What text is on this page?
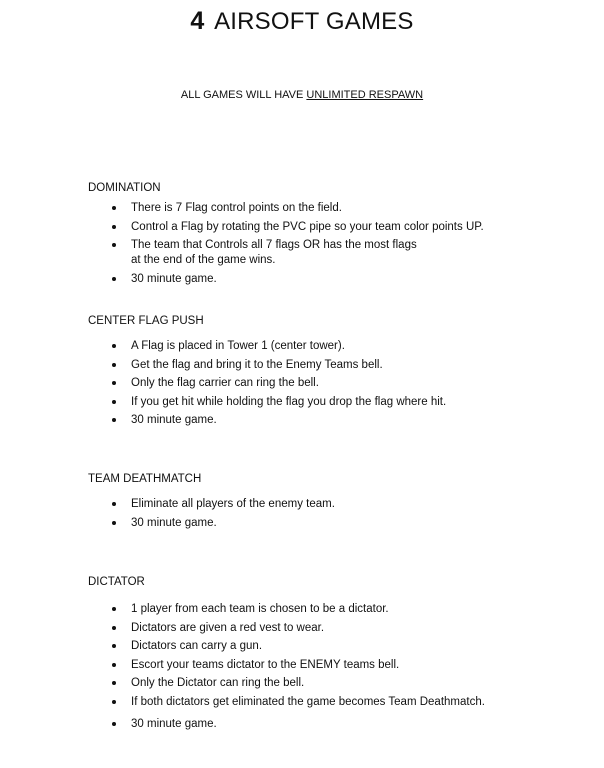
4 AIRSOFT GAMES
ALL GAMES WILL HAVE UNLIMITED RESPAWN

DOMINATION

There is 7 Flag control points on the field.
Control a Flag by rotating the PVC pipe so your team color points UP.
The team that Controls all 7 flags OR has the most flags
at the end of the game wins.
30 minute game.

CENTER FLAG PUSH

A Flag is placed in Tower 1 (center tower).
Get the flag and bring it to the Enemy Teams bell.
Only the flag carrier can ring the bell.
If you get hit while holding the flag you drop the flag where hit.
30 minute game.

TEAM DEATHMATCH

Eliminate all players of the enemy team.
30 minute game.

DICTATOR

1 player from each team is chosen to be a dictator.
Dictators are given a red vest to wear.
Dictators can carry a gun.
Escort your teams dictator to the ENEMY teams bell.
Only the Dictator can ring the bell.
If both dictators get eliminated the game becomes Team Deathmatch.
30 minute game.
